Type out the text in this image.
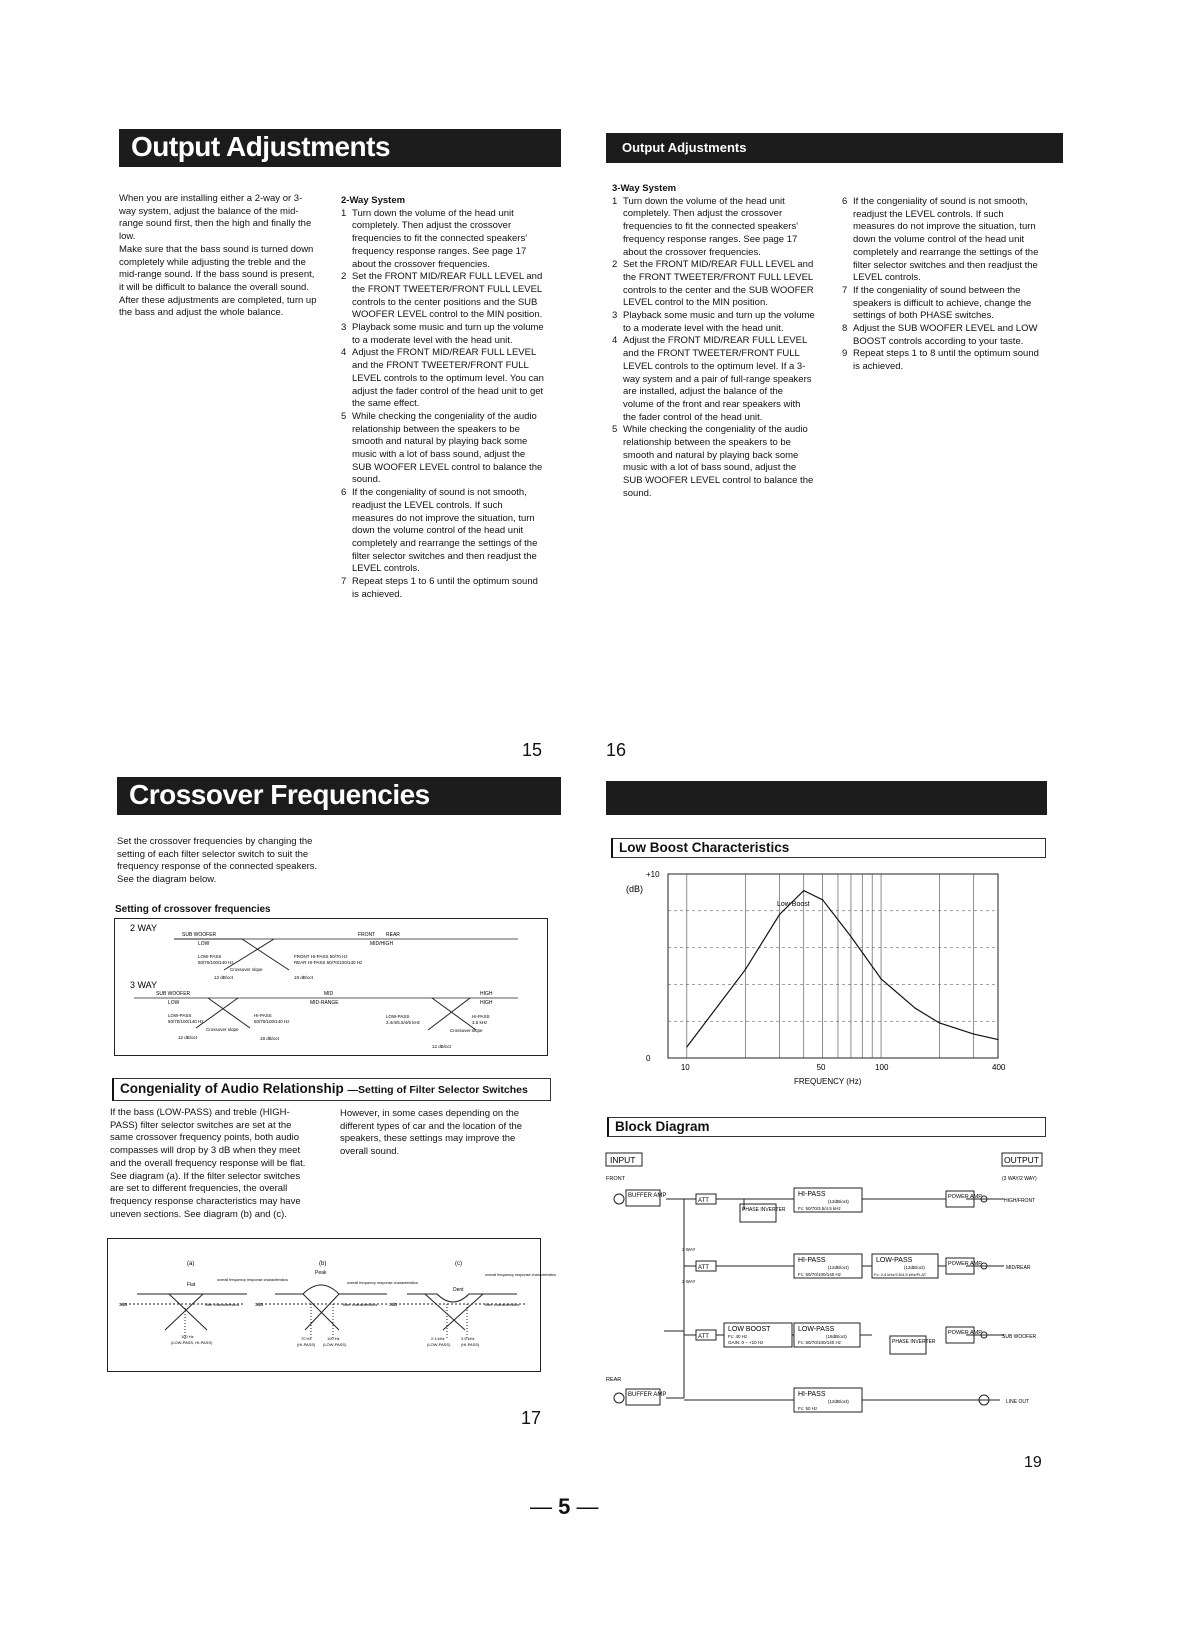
Output Adjustments
When you are installing either a 2-way or 3-way system, adjust the balance of the mid-range sound first, then the high and finally the low.
Make sure that the bass sound is turned down completely while adjusting the treble and the mid-range sound. If the bass sound is present, it will be difficult to balance the overall sound.
After these adjustments are completed, turn up the bass and adjust the whole balance.

2-Way System

1 Turn down the volume of the head unit completely. Then adjust the crossover frequencies to fit the connected speakers' frequency response ranges. See page 17 about the crossover frequencies.
2 Set the FRONT MID/REAR FULL LEVEL and the FRONT TWEETER/FRONT FULL LEVEL controls to the center positions and the SUB WOOFER LEVEL control to the MIN position.
3 Playback some music and turn up the volume to a moderate level with the head unit.
4 Adjust the FRONT MID/REAR FULL LEVEL and the FRONT TWEETER/FRONT FULL LEVEL controls to the optimum level. You can adjust the fader control of the head unit to get the same effect.
5 While checking the congeniality of the audio relationship between the speakers to be smooth and natural by playing back some music with a lot of bass sound, adjust the SUB WOOFER LEVEL control to balance the sound.
6 If the congeniality of sound is not smooth, readjust the LEVEL controls. If such measures do not improve the situation, turn down the volume control of the head unit completely and rearrange the settings of the filter selector switches and then readjust the LEVEL controls.
7 Repeat steps 1 to 6 until the optimum sound is achieved.
15
Output Adjustments

3-Way System

1 Turn down the volume of the head unit completely. Then adjust the crossover frequencies to fit the connected speakers' frequency response ranges. See page 17 about the crossover frequencies.
2 Set the FRONT MID/REAR FULL LEVEL and the FRONT TWEETER/FRONT FULL LEVEL controls to the center and the SUB WOOFER LEVEL control to the MIN position.
3 Playback some music and turn up the volume to a moderate level with the head unit.
4 Adjust the FRONT MID/REAR FULL LEVEL and the FRONT TWEETER/FRONT FULL LEVEL controls to the optimum level. If a 3-way system and a pair of full-range speakers are installed, adjust the balance of the volume of the front and rear speakers with the fader control of the head unit.
5 While checking the congeniality of the audio relationship between the speakers to be smooth and natural by playing back some music with a lot of bass sound, adjust the SUB WOOFER LEVEL control to balance the sound.
6 If the congeniality of sound is not smooth, readjust the LEVEL controls. If such measures do not improve the situation, turn down the volume control of the head unit completely and rearrange the settings of the filter selector switches and then readjust the LEVEL controls.
7 If the congeniality of sound between the speakers is difficult to achieve, change the settings of both PHASE switches.
8 Adjust the SUB WOOFER LEVEL and LOW BOOST controls according to your taste.
9 Repeat steps 1 to 8 until the optimum sound is achieved.
16
Crossover Frequencies
Set the crossover frequencies by changing the setting of each filter selector switch to suit the frequency response of the connected speakers. See the diagram below.
Setting of crossover frequencies
2 WAY
SUB WOOFER	FRONT REAR
LOW	MID/HIGH
LOW-PASS
50/70/100/140 Hz
FRONT HI-PASS 50/70 Hz
REAR HI-PASS 50/70/100/140 Hz
Crossover slope
12 dB/oct	18 dB/oct
3 WAY
SUB WOOFER
LOW
MID
MID-RANGE
HIGH
HIGH
LOW-PASS
50/70/100/140 Hz
HI-PASS
50/70/100/140 Hz
Crossover slope
12 dB/oct	18 dB/oct
LOW-PASS
2.4/4/5.5/4/5 kHz
HI-PASS
3.5 kHz
Crossover slope
12 dB/oct
Congeniality of Audio Relationship —Setting of Filter Selector Switches
If the bass (LOW-PASS) and treble (HIGH-PASS) filter selector switches are set at the same crossover frequency points, both audio compasses will drop by 3 dB when they meet and the overall frequency response will be flat. See diagram (a). If the filter selector switches are set to different frequencies, the overall frequency response characteristics may have uneven sections. See diagram (b) and (c).
However, in some cases depending on the different types of car and the location of the speakers, these settings may improve the overall sound.
(a)	(b)	(c)
Flat
Peak
Dent
overall frequency response characteristics
overall frequency response characteristics
overall frequency response characteristics
3dB	filter characteristics
100 Hz
(LOW-PASS, HI-PASS)
3dB	filter characteristics
70 Hz	100 Hz
(HI-PASS) (LOW-PASS)
3dB	filter characteristics
2.4 kHz	3.5 kHz
(LOW-PASS)	(HI-PASS)
17
Low Boost Characteristics
10	50	100	400
+10
0
(dB)
Low Boost
FREQUENCY (Hz)
Block Diagram
INPUT	OUTPUT
(3 WAY/2 WAY)
FRONT
REAR
3 WAY
2 WAY
BUFFER AMP
BUFFER AMP
ATT
ATT
ATT
PHASE INVERTER
PHASE INVERTER
HI-PASS
(12dB/oct)
Fc: 50/70/3.5/4.5 kHz
HI-PASS
(12dB/oct)
Fc: 50/70/100/140 Hz
LOW-PASS
(12dB/oct)
Fc: 2.4 kHz/3.5/4.5 kHz/FLAT
LOW BOOST
Fc: 40 Hz
GAIN: 0 – +10 Hz
LOW-PASS
(18dB/oct)
Fc: 50/70/100/140 Hz
HI-PASS
(12dB/oct)
Fc: 50 Hz
POWER AMP
POWER AMP
POWER AMP
HIGH/FRONT
MID/REAR
SUB WOOFER
LINE OUT
19
— 5 —
